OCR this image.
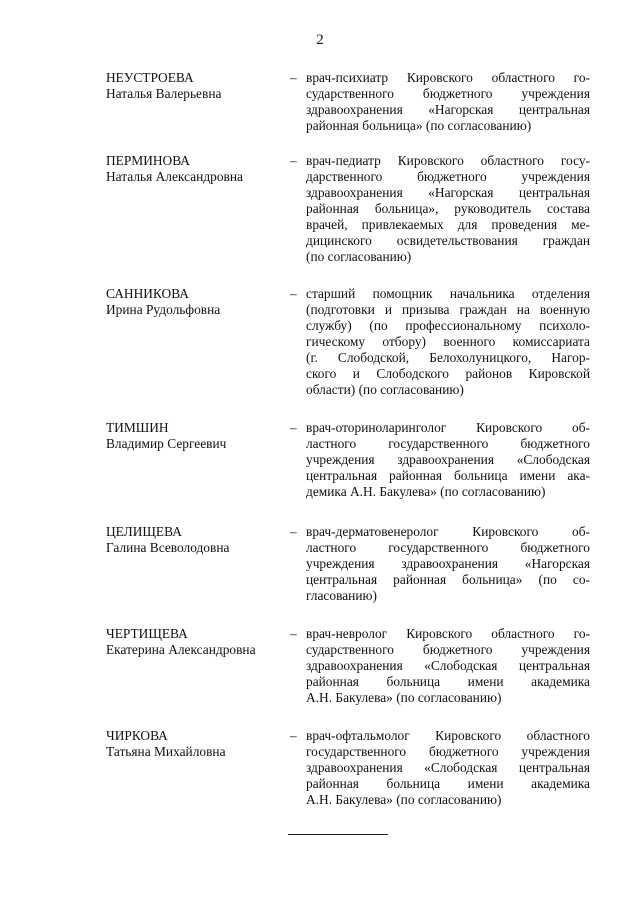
2
НЕУСТРОЕВА
Наталья Валерьевна
– врач-психиатр Кировского областного го-
сударственного бюджетного учреждения
здравоохранения «Нагорская центральная
районная больница» (по согласованию)
ПЕРМИНОВА
Наталья Александровна
– врач-педиатр Кировского областного госу-
дарственного бюджетного учреждения
здравоохранения «Нагорская центральная
районная больница», руководитель состава
врачей, привлекаемых для проведения ме-
дицинского освидетельствования граждан
(по согласованию)
САННИКОВА
Ирина Рудольфовна
– старший помощник начальника отделения
(подготовки и призыва граждан на военную
службу) (по профессиональному психоло-
гическому отбору) военного комиссариата
(г. Слободской, Белохолуницкого, Нагор-
ского и Слободского районов Кировской
области) (по согласованию)
ТИМШИН
Владимир Сергеевич
– врач-оториноларинголог Кировского об-
ластного государственного бюджетного
учреждения здравоохранения «Слободская
центральная районная больница имени ака-
демика А.Н. Бакулева» (по согласованию)
ЦЕЛИЩЕВА
Галина Всеволодовна
– врач-дерматовенеролог Кировского об-
ластного государственного бюджетного
учреждения здравоохранения «Нагорская
центральная районная больница» (по со-
гласованию)
ЧЕРТИЩЕВА
Екатерина Александровна
– врач-невролог Кировского областного го-
сударственного бюджетного учреждения
здравоохранения «Слободская центральная
районная больница имени академика
А.Н. Бакулева» (по согласованию)
ЧИРКОВА
Татьяна Михайловна
– врач-офтальмолог Кировского областного
государственного бюджетного учреждения
здравоохранения «Слободская центральная
районная больница имени академика
А.Н. Бакулева» (по согласованию)
